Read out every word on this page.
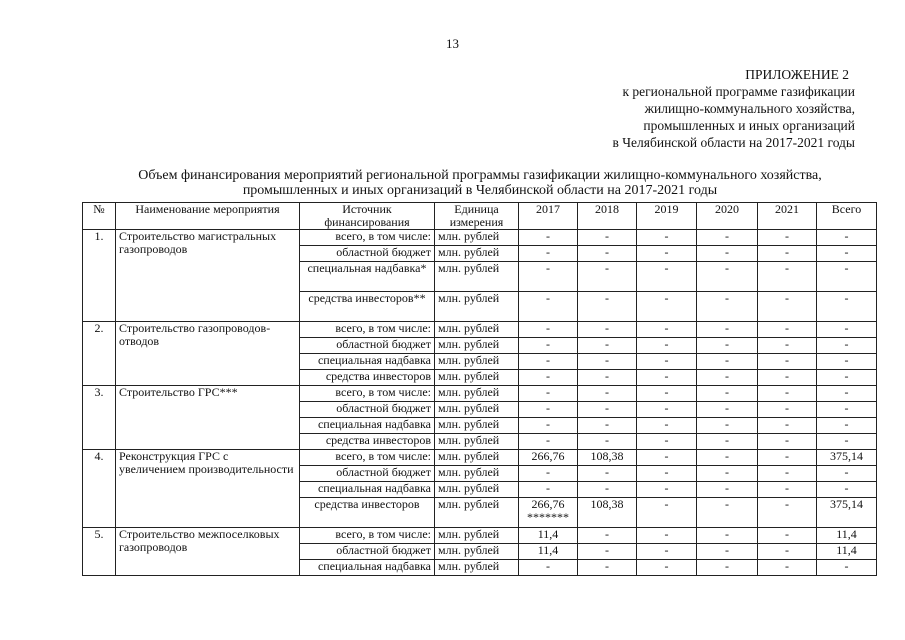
13
ПРИЛОЖЕНИЕ 2
к региональной программе газификации
жилищно-коммунального хозяйства,
промышленных и иных организаций
в Челябинской области на 2017-2021 годы
Объем финансирования мероприятий региональной программы газификации жилищно-коммунального хозяйства,
промышленных и иных организаций в Челябинской области на 2017-2021 годы
№	Наименование мероприятия	Источник финансирования	Единица измерения	2017	2018	2019	2020	2021	Всего
1.	Строительство магистральных газопроводов	всего, в том числе:	млн. рублей	-	-	-	-	-	-
		областной бюджет	млн. рублей	-	-	-	-	-	-
		специальная надбавка*	млн. рублей	-	-	-	-	-	-
		средства инвесторов**	млн. рублей	-	-	-	-	-	-
2.	Строительство газопроводов-отводов	всего, в том числе:	млн. рублей	-	-	-	-	-	-
		областной бюджет	млн. рублей	-	-	-	-	-	-
		специальная надбавка	млн. рублей	-	-	-	-	-	-
		средства инвесторов	млн. рублей	-	-	-	-	-	-
3.	Строительство ГРС***	всего, в том числе:	млн. рублей	-	-	-	-	-	-
		областной бюджет	млн. рублей	-	-	-	-	-	-
		специальная надбавка	млн. рублей	-	-	-	-	-	-
		средства инвесторов	млн. рублей	-	-	-	-	-	-
4.	Реконструкция ГРС с увеличением производительности	всего, в том числе:	млн. рублей	266,76	108,38	-	-	-	375,14
		областной бюджет	млн. рублей	-	-	-	-	-	-
		специальная надбавка	млн. рублей	-	-	-	-	-	-
		средства инвесторов	млн. рублей	266,76 *******	108,38	-	-	-	375,14
5.	Строительство межпоселковых газопроводов	всего, в том числе:	млн. рублей	11,4	-	-	-	-	11,4
		областной бюджет	млн. рублей	11,4	-	-	-	-	11,4
		специальная надбавка	млн. рублей	-	-	-	-	-	-
